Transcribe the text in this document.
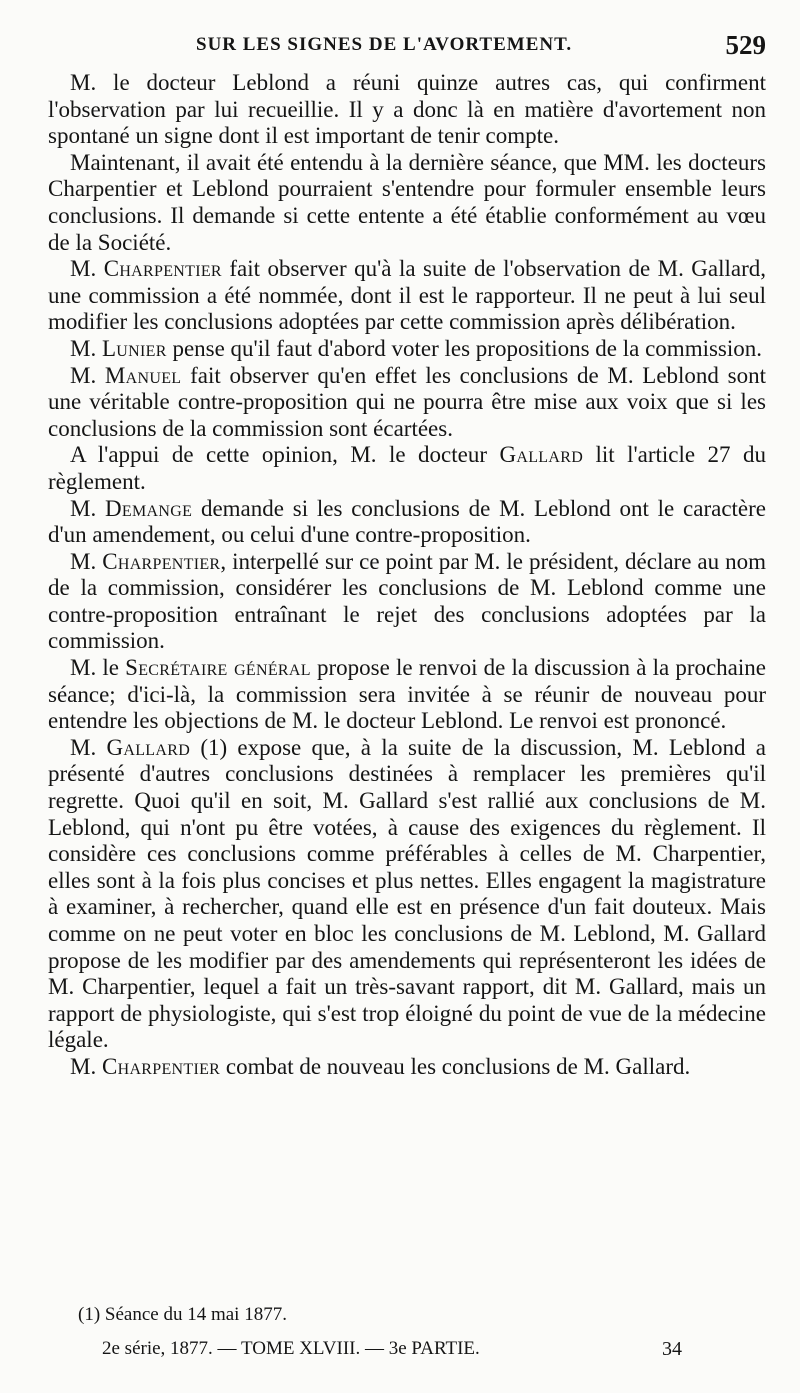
SUR LES SIGNES DE L'AVORTEMENT.	529

M. le docteur Leblond a réuni quinze autres cas, qui confirment l'observation par lui recueillie. Il y a donc là en matière d'avortement non spontané un signe dont il est important de tenir compte.

Maintenant, il avait été entendu à la dernière séance, que MM. les docteurs Charpentier et Leblond pourraient s'entendre pour formuler ensemble leurs conclusions. Il demande si cette entente a été établie conformément au vœu de la Société.

M. Charpentier fait observer qu'à la suite de l'observation de M. Gallard, une commission a été nommée, dont il est le rapporteur. Il ne peut à lui seul modifier les conclusions adoptées par cette commission après délibération.

M. Lunier pense qu'il faut d'abord voter les propositions de la commission.

M. Manuel fait observer qu'en effet les conclusions de M. Leblond sont une véritable contre-proposition qui ne pourra être mise aux voix que si les conclusions de la commission sont écartées.

A l'appui de cette opinion, M. le docteur Gallard lit l'article 27 du règlement.

M. Demange demande si les conclusions de M. Leblond ont le caractère d'un amendement, ou celui d'une contre-proposition.

M. Charpentier, interpellé sur ce point par M. le président, déclare au nom de la commission, considérer les conclusions de M. Leblond comme une contre-proposition entraînant le rejet des conclusions adoptées par la commission.

M. le Secrétaire général propose le renvoi de la discussion à la prochaine séance; d'ici-là, la commission sera invitée à se réunir de nouveau pour entendre les objections de M. le docteur Leblond. Le renvoi est prononcé.

M. Gallard (1) expose que, à la suite de la discussion, M. Leblond a présenté d'autres conclusions destinées à remplacer les premières qu'il regrette. Quoi qu'il en soit, M. Gallard s'est rallié aux conclusions de M. Leblond, qui n'ont pu être votées, à cause des exigences du règlement. Il considère ces conclusions comme préférables à celles de M. Charpentier, elles sont à la fois plus concises et plus nettes. Elles engagent la magistrature à examiner, à rechercher, quand elle est en présence d'un fait douteux. Mais comme on ne peut voter en bloc les conclusions de M. Leblond, M. Gallard propose de les modifier par des amendements qui représenteront les idées de M. Charpentier, lequel a fait un très-savant rapport, dit M. Gallard, mais un rapport de physiologiste, qui s'est trop éloigné du point de vue de la médecine légale.

M. Charpentier combat de nouveau les conclusions de M. Gallard.

(1) Séance du 14 mai 1877.
2e série, 1877. — TOME XLVIII. — 3e PARTIE.	34
